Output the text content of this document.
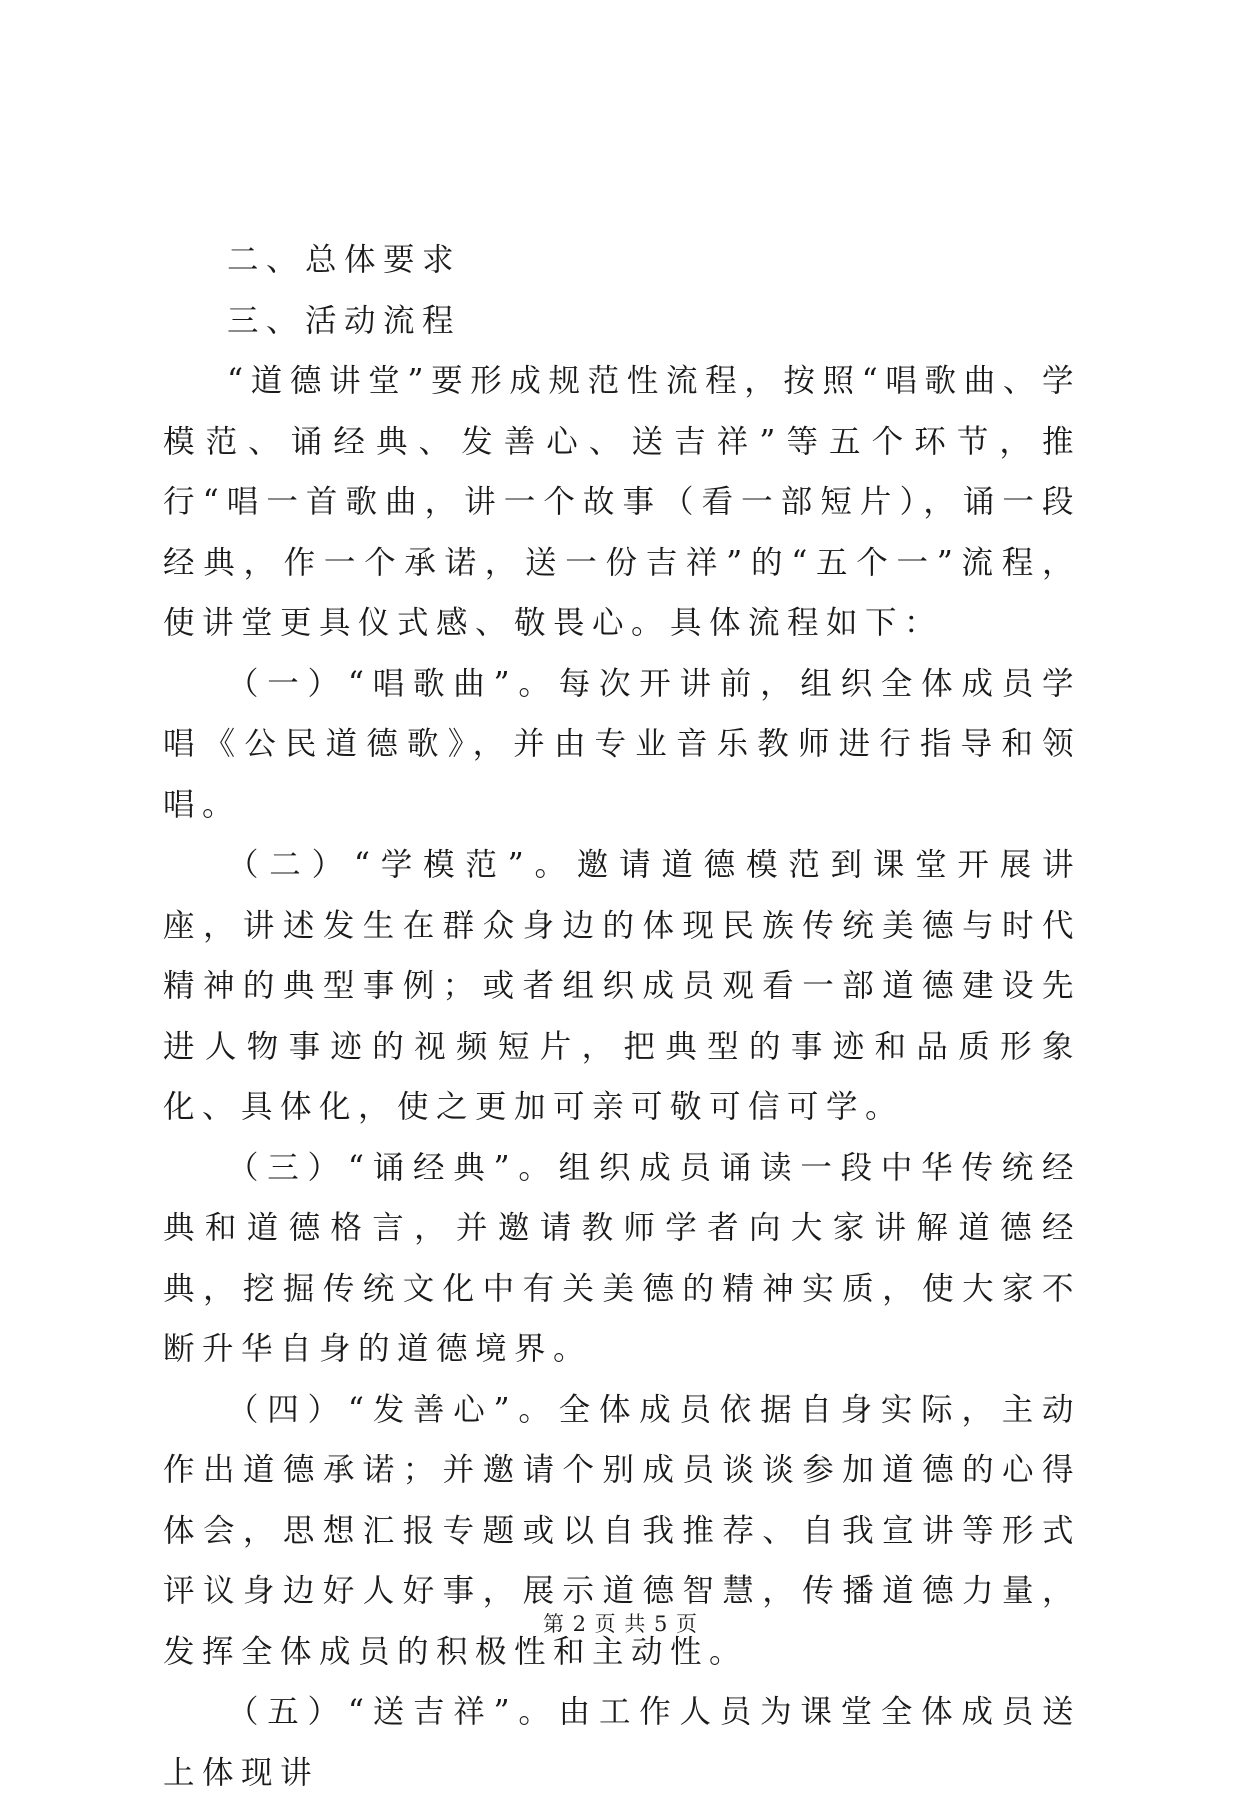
二、总体要求
三、活动流程

“道德讲堂”要形成规范性流程，按照“唱歌曲、学模范、诵经典、发善心、送吉祥”等五个环节，推行“唱一首歌曲，讲一个故事（看一部短片），诵一段经典，作一个承诺，送一份吉祥”的“五个一”流程，使讲堂更具仪式感、敬畏心。具体流程如下：

（一）“唱歌曲”。每次开讲前，组织全体成员学唱《公民道德歌》，并由专业音乐教师进行指导和领唱。

（二）“学模范”。邀请道德模范到课堂开展讲座，讲述发生在群众身边的体现民族传统美德与时代精神的典型事例；或者组织成员观看一部道德建设先进人物事迹的视频短片，把典型的事迹和品质形象化、具体化，使之更加可亲可敬可信可学。

（三）“诵经典”。组织成员诵读一段中华传统经典和道德格言，并邀请教师学者向大家讲解道德经典，挖掘传统文化中有关美德的精神实质，使大家不断升华自身的道德境界。

（四）“发善心”。全体成员依据自身实际，主动作出道德承诺；并邀请个别成员谈谈参加道德的心得体会，思想汇报专题或以自我推荐、自我宣讲等形式评议身边好人好事，展示道德智慧，传播道德力量，发挥全体成员的积极性和主动性。

（五）“送吉祥”。由工作人员为课堂全体成员送上体现讲

第 2 页 共 5 页
